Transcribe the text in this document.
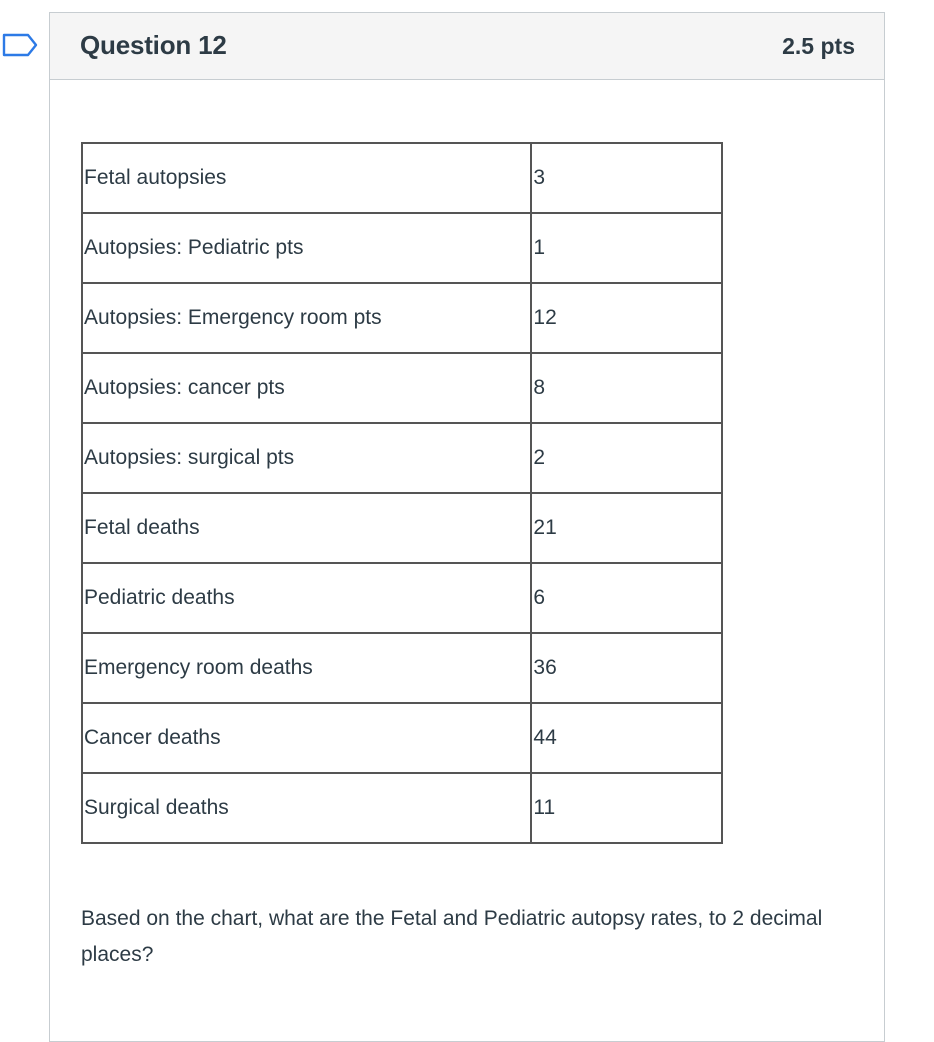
Question 12	2.5 pts
Fetal autopsies	3
Autopsies: Pediatric pts	1
Autopsies: Emergency room pts	12
Autopsies: cancer pts	8
Autopsies: surgical pts	2
Fetal deaths	21
Pediatric deaths	6
Emergency room deaths	36
Cancer deaths	44
Surgical deaths	11
Based on the chart, what are the Fetal and Pediatric autopsy rates, to 2 decimal places?
